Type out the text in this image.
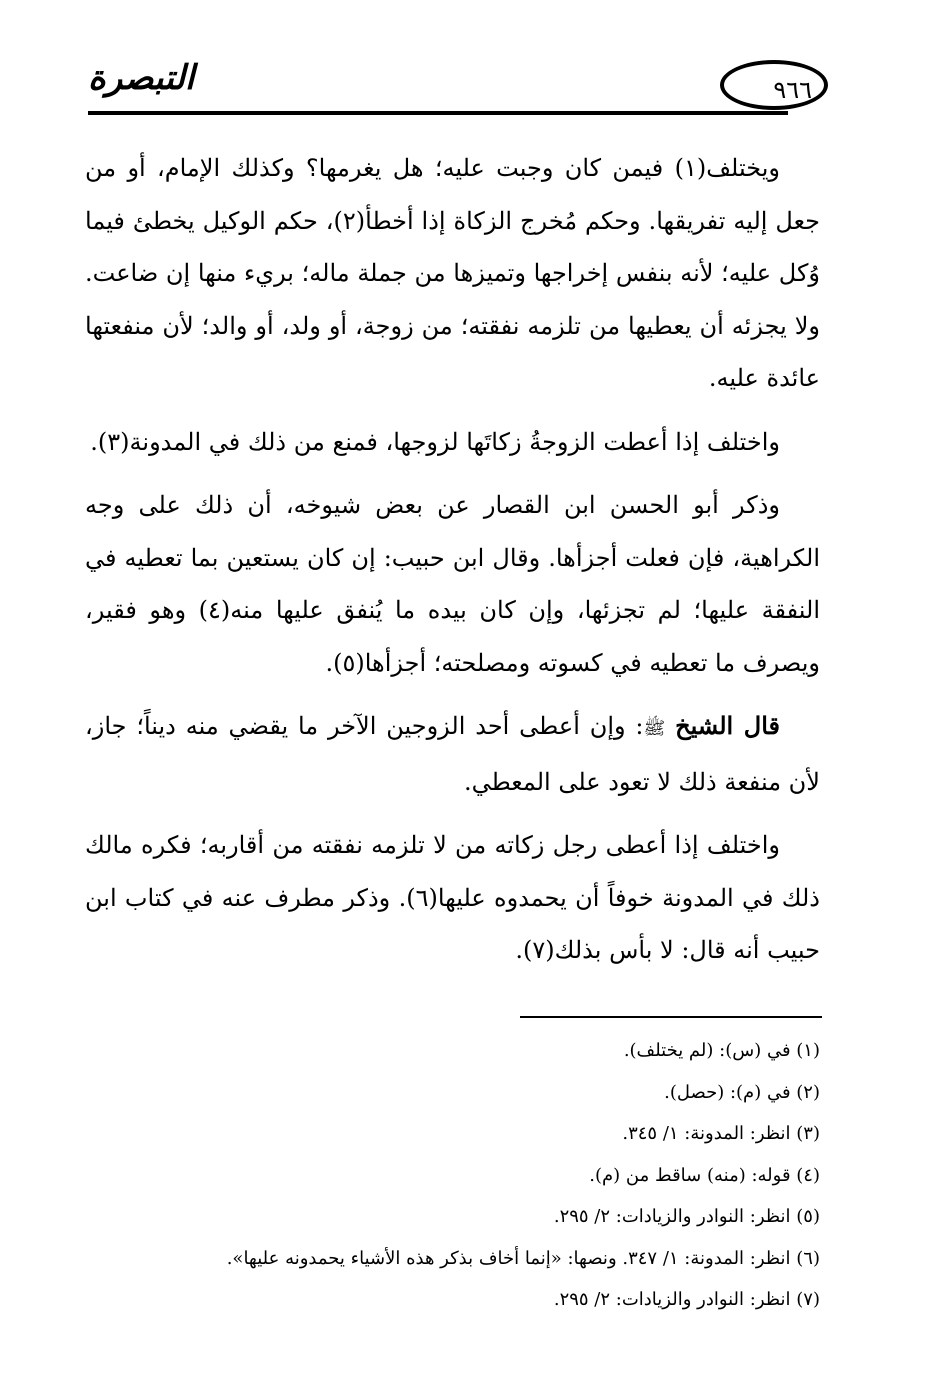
التبصرة	٩٦٦

ويختلف(١) فيمن كان وجبت عليه؛ هل يغرمها؟ وكذلك الإمام، أو من جعل إليه تفريقها. وحكم مُخرج الزكاة إذا أخطأ(٢)، حكم الوكيل يخطئ فيما وُكل عليه؛ لأنه بنفس إخراجها وتميزها من جملة ماله؛ بريء منها إن ضاعت. ولا يجزئه أن يعطيها من تلزمه نفقته؛ من زوجة، أو ولد، أو والد؛ لأن منفعتها عائدة عليه.

واختلف إذا أعطت الزوجةُ زكاتَها لزوجها، فمنع من ذلك في المدونة(٣).

وذكر أبو الحسن ابن القصار عن بعض شيوخه، أن ذلك على وجه الكراهية، فإن فعلت أجزأها. وقال ابن حبيب: إن كان يستعين بما تعطيه في النفقة عليها؛ لم تجزئها، وإن كان بيده ما يُنفق عليها منه(٤) وهو فقير، ويصرف ما تعطيه في كسوته ومصلحته؛ أجزأها(٥).

قال الشيخ ﷺ: وإن أعطى أحد الزوجين الآخر ما يقضي منه ديناً؛ جاز، لأن منفعة ذلك لا تعود على المعطي.

واختلف إذا أعطى رجل زكاته من لا تلزمه نفقته من أقاربه؛ فكره مالك ذلك في المدونة خوفاً أن يحمدوه عليها(٦). وذكر مطرف عنه في كتاب ابن حبيب أنه قال: لا بأس بذلك(٧).

(١) في (س): (لم يختلف).
(٢) في (م): (حصل).
(٣) انظر: المدونة: ١/ ٣٤٥.
(٤) قوله: (منه) ساقط من (م).
(٥) انظر: النوادر والزيادات: ٢/ ٢٩٥.
(٦) انظر: المدونة: ١/ ٣٤٧. ونصها: «إنما أخاف بذكر هذه الأشياء يحمدونه عليها».
(٧) انظر: النوادر والزيادات: ٢/ ٢٩٥.
